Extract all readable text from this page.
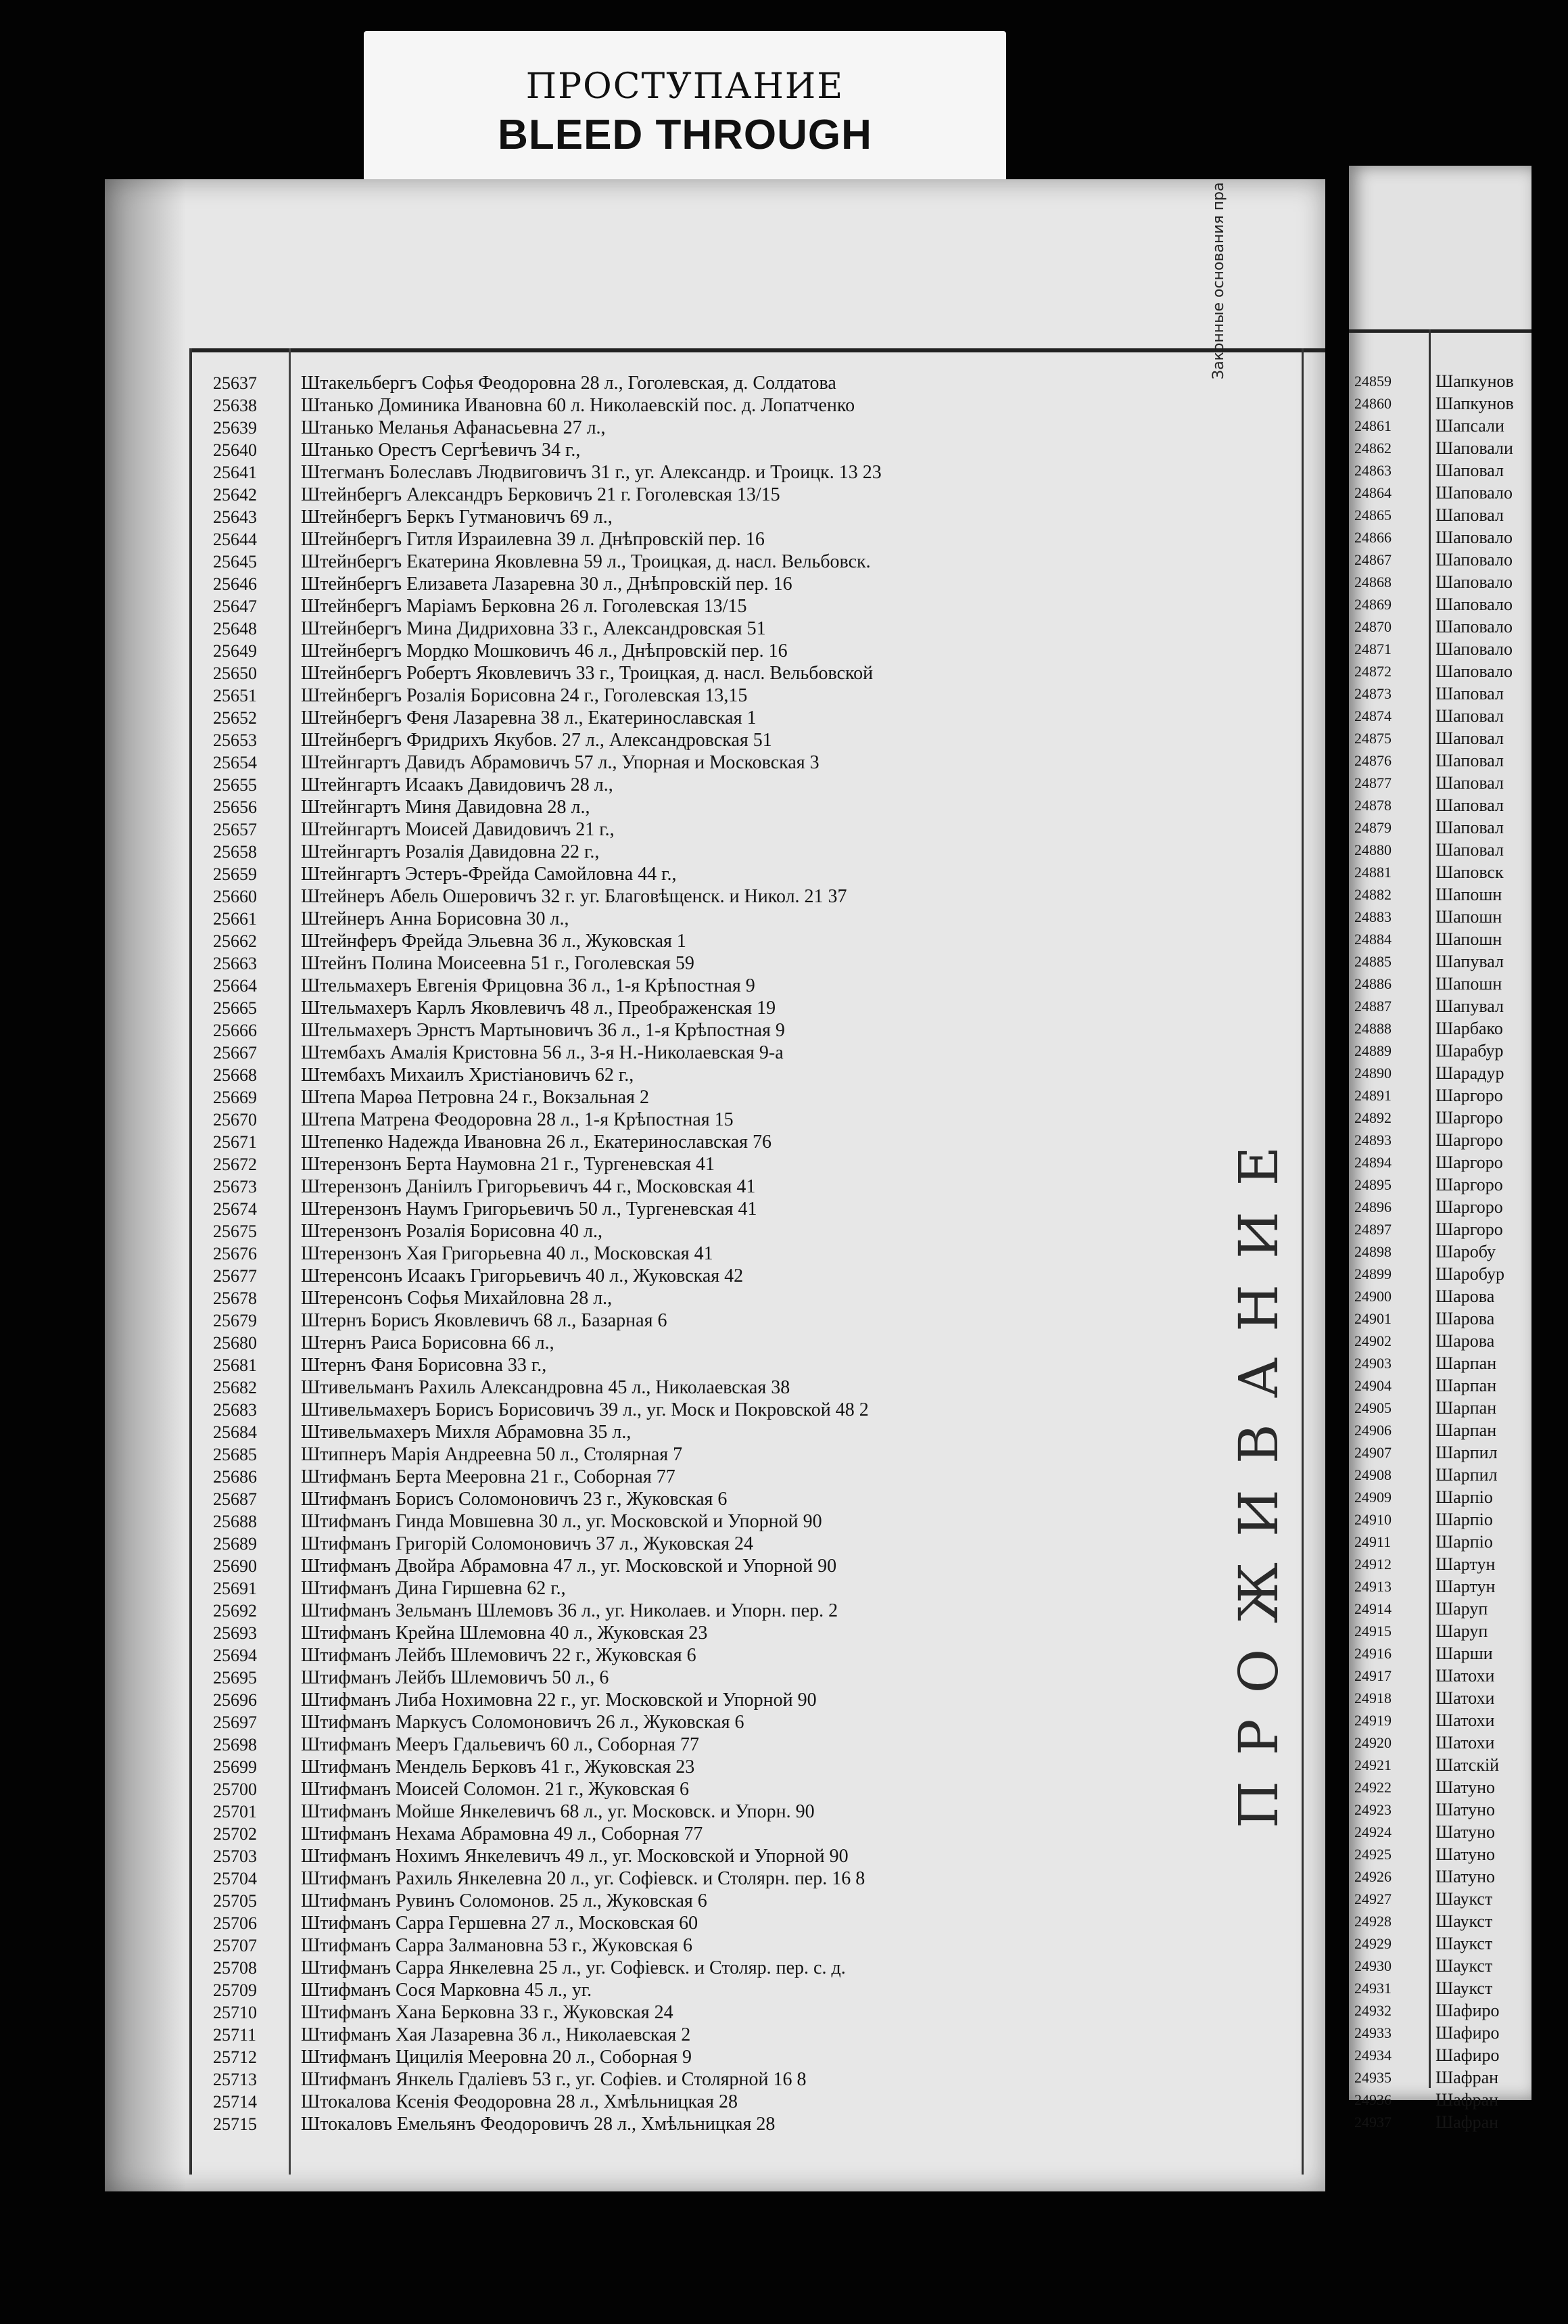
ПРОСТУПАНИЕ
BLEED THROUGH
25637	Штакельбергъ Софья Феодоровна 28 л., Гоголевская, д. Солдатова
25638	Штанько Доминика Ивановна 60 л. Николаевскій пос. д. Лопатченко
25639	Штанько Меланья Афанасьевна 27 л.,
25640	Штанько Орестъ Сергѣевичъ 34 г.,
25641	Штегманъ Болеславъ Людвиговичъ 31 г., уг. Александр. и Троицк. 13 23
25642	Штейнбергъ Александръ Берковичъ 21 г. Гоголевская 13/15
25643	Штейнбергъ Беркъ Гутмановичъ 69 л.,
25644	Штейнбергъ Гитля Израилевна 39 л. Днѣпровскій пер. 16
25645	Штейнбергъ Екатерина Яковлевна 59 л., Троицкая, д. насл. Вельбовск.
25646	Штейнбергъ Елизавета Лазаревна 30 л., Днѣпровскій пер. 16
25647	Штейнбергъ Маріамъ Берковна 26 л. Гоголевская 13/15
25648	Штейнбергъ Мина Дидриховна 33 г., Александровская 51
25649	Штейнбергъ Мордко Мошковичъ 46 л., Днѣпровскій пер. 16
25650	Штейнбергъ Робертъ Яковлевичъ 33 г., Троицкая, д. насл. Вельбовской
25651	Штейнбергъ Розалія Борисовна 24 г., Гоголевская 13,15
25652	Штейнбергъ Феня Лазаревна 38 л., Екатеринославская 1
25653	Штейнбергъ Фридрихъ Якубов. 27 л., Александровская 51
25654	Штейнгартъ Давидъ Абрамовичъ 57 л., Упорная и Московская 3
25655	Штейнгартъ Исаакъ Давидовичъ 28 л.,
25656	Штейнгартъ Миня Давидовна 28 л.,
25657	Штейнгартъ Моисей Давидовичъ 21 г.,
25658	Штейнгартъ Розалія Давидовна 22 г.,
25659	Штейнгартъ Эстеръ-Фрейда Самойловна 44 г.,
25660	Штейнеръ Абель Ошеровичъ 32 г. уг. Благовѣщенск. и Никол. 21 37
25661	Штейнеръ Анна Борисовна 30 л.,
25662	Штейнферъ Фрейда Эльевна 36 л., Жуковская 1
25663	Штейнъ Полина Моисеевна 51 г., Гоголевская 59
25664	Штельмахеръ Евгенія Фрицовна 36 л., 1-я Крѣпостная 9
25665	Штельмахеръ Карлъ Яковлевичъ 48 л., Преображенская 19
25666	Штельмахеръ Эрнстъ Мартыновичъ 36 л., 1-я Крѣпостная 9
25667	Штембахъ Амалія Кристовна 56 л., 3-я Н.-Николаевская 9-а
25668	Штембахъ Михаилъ Христіановичъ 62 г.,
25669	Штепа Марѳа Петровна 24 г., Вокзальная 2
25670	Штепа Матрена Феодоровна 28 л., 1-я Крѣпостная 15
25671	Штепенко Надежда Ивановна 26 л., Екатеринославская 76
25672	Штерензонъ Берта Наумовна 21 г., Тургеневская 41
25673	Штерензонъ Даніилъ Григорьевичъ 44 г., Московская 41
25674	Штерензонъ Наумъ Григорьевичъ 50 л., Тургеневская 41
25675	Штерензонъ Розалія Борисовна 40 л.,
25676	Штерензонъ Хая Григорьевна 40 л., Московская 41
25677	Штеренсонъ Исаакъ Григорьевичъ 40 л., Жуковская 42
25678	Штеренсонъ Софья Михайловна 28 л.,
25679	Штернъ Борисъ Яковлевичъ 68 л., Базарная 6
25680	Штернъ Раиса Борисовна 66 л.,
25681	Штернъ Фаня Борисовна 33 г.,
25682	Штивельманъ Рахиль Александровна 45 л., Николаевская 38
25683	Штивельмахеръ Борисъ Борисовичъ 39 л., уг. Моск и Покровской 48 2
25684	Штивельмахеръ Михля Абрамовна 35 л.,
25685	Штипнеръ Марія Андреевна 50 л., Столярная 7
25686	Штифманъ Берта Мееровна 21 г., Соборная 77
25687	Штифманъ Борисъ Соломоновичъ 23 г., Жуковская 6
25688	Штифманъ Гинда Мовшевна 30 л., уг. Московской и Упорной 90
25689	Штифманъ Григорій Соломоновичъ 37 л., Жуковская 24
25690	Штифманъ Двойра Абрамовна 47 л., уг. Московской и Упорной 90
25691	Штифманъ Дина Гиршевна 62 г.,
25692	Штифманъ Зельманъ Шлемовъ 36 л., уг. Николаев. и Упорн. пер. 2
25693	Штифманъ Крейна Шлемовна 40 л., Жуковская 23
25694	Штифманъ Лейбъ Шлемовичъ 22 г., Жуковская 6
25695	Штифманъ Лейбъ Шлемовичъ 50 л., 6
25696	Штифманъ Либа Нохимовна 22 г., уг. Московской и Упорной 90
25697	Штифманъ Маркусъ Соломоновичъ 26 л., Жуковская 6
25698	Штифманъ Мееръ Гдальевичъ 60 л., Соборная 77
25699	Штифманъ Мендель Берковъ 41 г., Жуковская 23
25700	Штифманъ Моисей Соломон. 21 г., Жуковская 6
25701	Штифманъ Мойше Янкелевичъ 68 л., уг. Московск. и Упорн. 90
25702	Штифманъ Нехама Абрамовна 49 л., Соборная 77
25703	Штифманъ Нохимъ Янкелевичъ 49 л., уг. Московской и Упорной 90
25704	Штифманъ Рахиль Янкелевна 20 л., уг. Софіевск. и Столярн. пер. 16 8
25705	Штифманъ Рувинъ Соломонов. 25 л., Жуковская 6
25706	Штифманъ Сарра Гершевна 27 л., Московская 60
25707	Штифманъ Сарра Залмановна 53 г., Жуковская 6
25708	Штифманъ Сарра Янкелевна 25 л., уг. Софіевск. и Столяр. пер. с. д.
25709	Штифманъ Сося Марковна 45 л., уг.
25710	Штифманъ Хана Берковна 33 г., Жуковская 24
25711	Штифманъ Хая Лазаревна 36 л., Николаевская 2
25712	Штифманъ Цицилія Мееровна 20 л., Соборная 9
25713	Штифманъ Янкель Гдалiевъ 53 г., уг. Софіев. и Столярной 16 8
25714	Штокалова Ксенія Феодоровна 28 л., Хмѣльницкая 28
25715	Штокаловъ Емельянъ Феодоровичъ 28 л., Хмѣльницкая 28
Законные основания пра
ПРОЖИВАНИЕ
24859	Шапкунов
24860	Шапкунов
24861	Шапсали
24862	Шаповали
24863	Шаповал
24864	Шаповало
24865	Шаповал
24866	Шаповало
24867	Шаповало
24868	Шаповало
24869	Шаповало
24870	Шаповало
24871	Шаповало
24872	Шаповало
24873	Шаповал
24874	Шаповал
24875	Шаповал
24876	Шаповал
24877	Шаповал
24878	Шаповал
24879	Шаповал
24880	Шаповал
24881	Шаповск
24882	Шапошн
24883	Шапошн
24884	Шапошн
24885	Шапувал
24886	Шапошн
24887	Шапувал
24888	Шарбако
24889	Шарабур
24890	Шарадур
24891	Шаргоро
24892	Шаргоро
24893	Шаргоро
24894	Шаргоро
24895	Шаргоро
24896	Шаргоро
24897	Шаргоро
24898	Шаробу
24899	Шаробур
24900	Шарова
24901	Шарова
24902	Шарова
24903	Шарпан
24904	Шарпан
24905	Шарпан
24906	Шарпан
24907	Шарпил
24908	Шарпил
24909	Шарпіо
24910	Шарпіо
24911	Шарпіо
24912	Шартун
24913	Шартун
24914	Шаруп
24915	Шаруп
24916	Шарши
24917	Шатохи
24918	Шатохи
24919	Шатохи
24920	Шатохи
24921	Шатскій
24922	Шатуно
24923	Шатуно
24924	Шатуно
24925	Шатуно
24926	Шатуно
24927	Шаукст
24928	Шаукст
24929	Шаукст
24930	Шаукст
24931	Шаукст
24932	Шафиро
24933	Шафиро
24934	Шафиро
24935	Шафран
24936	Шафран
24937	Шафран
